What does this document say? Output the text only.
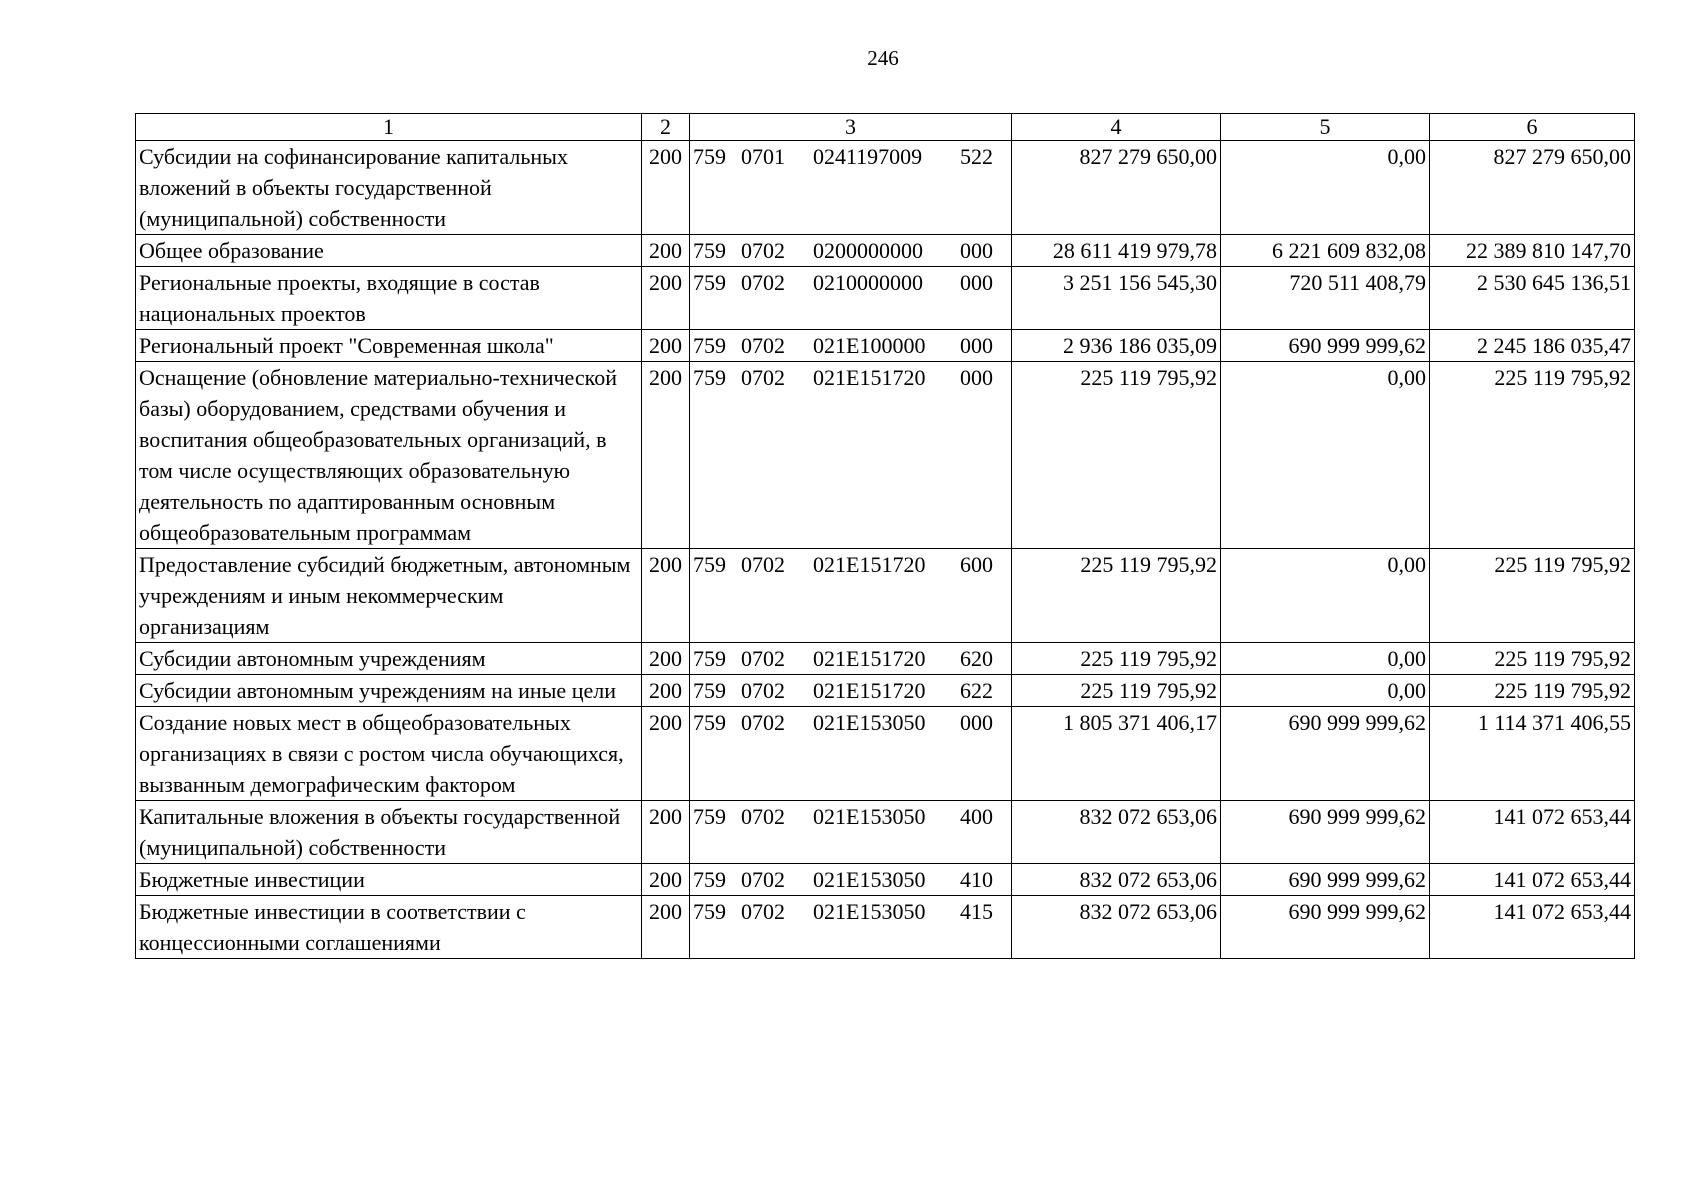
246
1	2	3	4	5	6
Субсидии на софинансирование капитальных вложений в объекты государственной (муниципальной) собственности	200	759 0701 0241197009 522	827 279 650,00	0,00	827 279 650,00
Общее образование	200	759 0702 0200000000 000	28 611 419 979,78	6 221 609 832,08	22 389 810 147,70
Региональные проекты, входящие в состав национальных проектов	200	759 0702 0210000000 000	3 251 156 545,30	720 511 408,79	2 530 645 136,51
Региональный проект "Современная школа"	200	759 0702 021E100000 000	2 936 186 035,09	690 999 999,62	2 245 186 035,47
Оснащение (обновление материально-технической базы) оборудованием, средствами обучения и воспитания общеобразовательных организаций, в том числе осуществляющих образовательную деятельность по адаптированным основным общеобразовательным программам	200	759 0702 021E151720 000	225 119 795,92	0,00	225 119 795,92
Предоставление субсидий бюджетным, автономным учреждениям и иным некоммерческим организациям	200	759 0702 021E151720 600	225 119 795,92	0,00	225 119 795,92
Субсидии автономным учреждениям	200	759 0702 021E151720 620	225 119 795,92	0,00	225 119 795,92
Субсидии автономным учреждениям на иные цели	200	759 0702 021E151720 622	225 119 795,92	0,00	225 119 795,92
Создание новых мест в общеобразовательных организациях в связи с ростом числа обучающихся, вызванным демографическим фактором	200	759 0702 021E153050 000	1 805 371 406,17	690 999 999,62	1 114 371 406,55
Капитальные вложения в объекты государственной (муниципальной) собственности	200	759 0702 021E153050 400	832 072 653,06	690 999 999,62	141 072 653,44
Бюджетные инвестиции	200	759 0702 021E153050 410	832 072 653,06	690 999 999,62	141 072 653,44
Бюджетные инвестиции в соответствии с концессионными соглашениями	200	759 0702 021E153050 415	832 072 653,06	690 999 999,62	141 072 653,44
